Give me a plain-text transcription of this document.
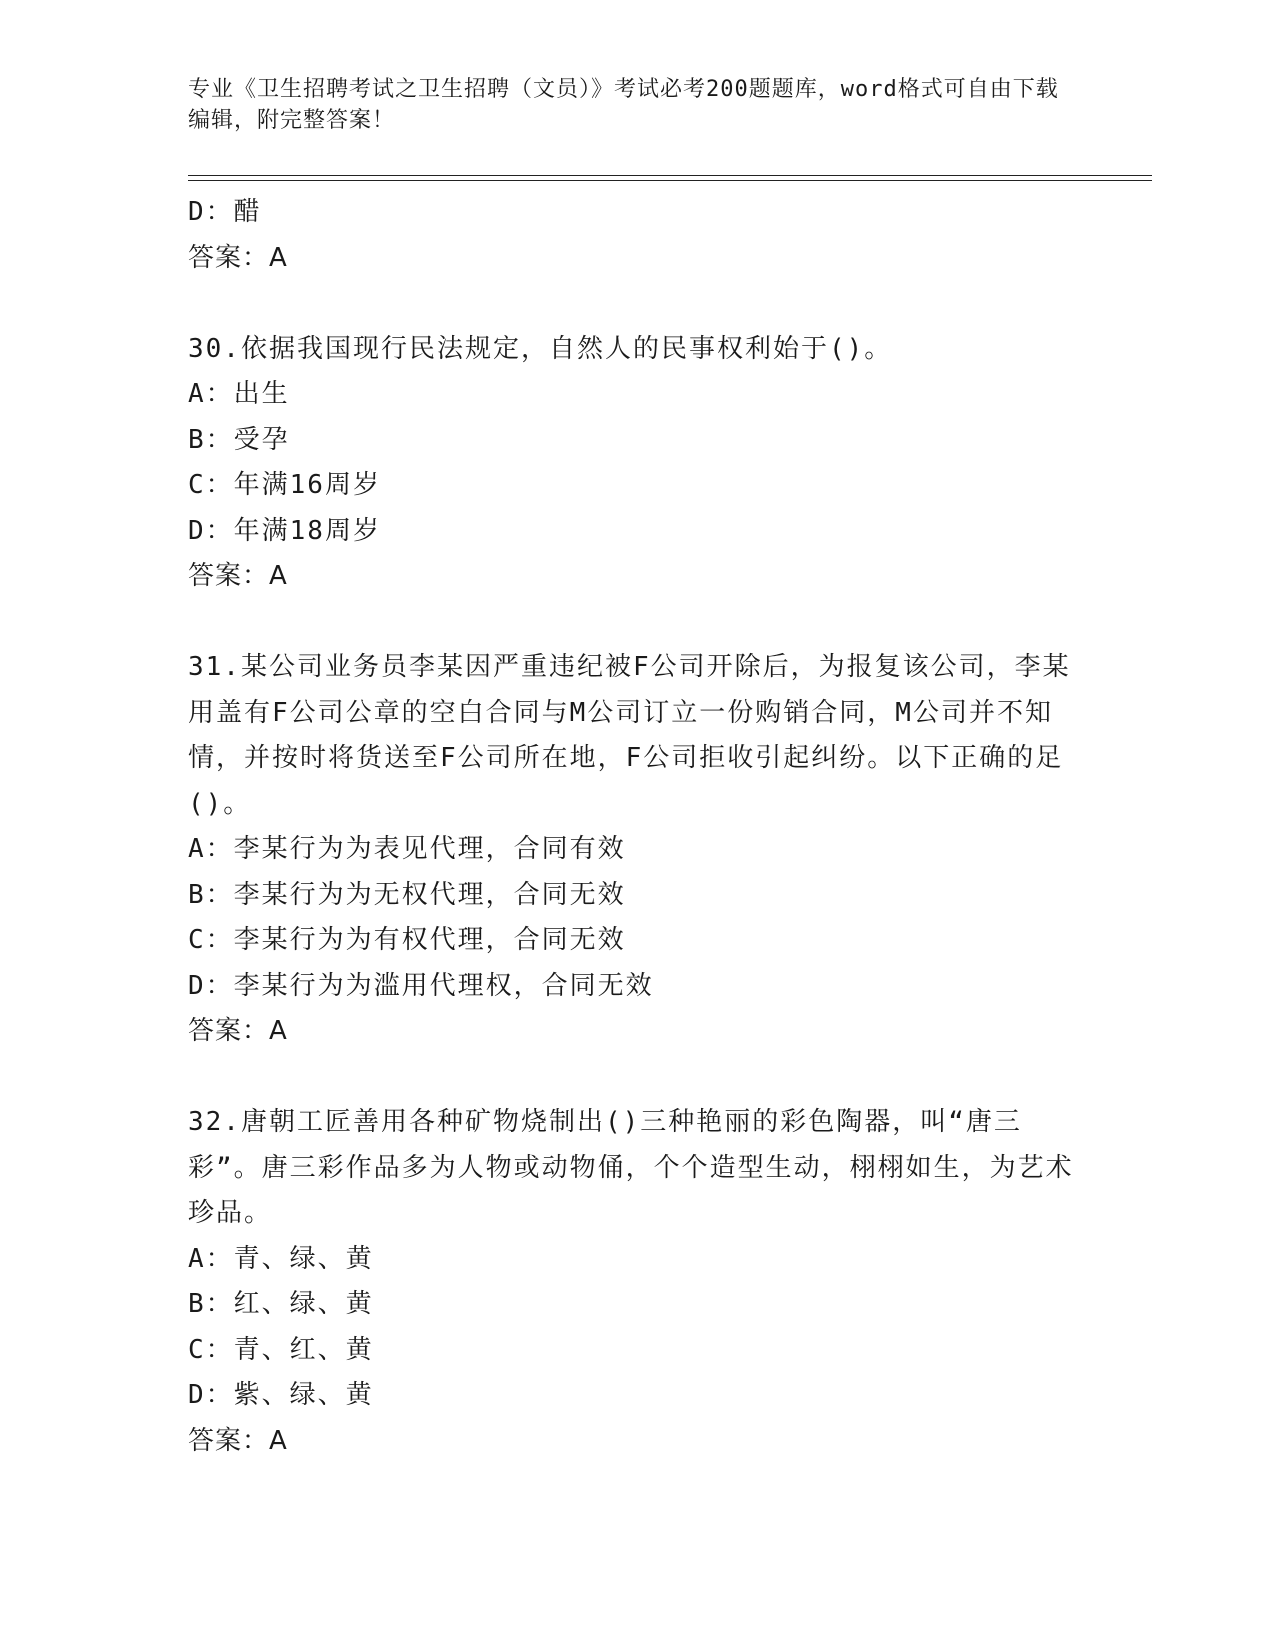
专业《卫生招聘考试之卫生招聘（文员）》考试必考200题题库，word格式可自由下载编辑，附完整答案！
D：醋
答案：A
30.依据我国现行民法规定，自然人的民事权利始于()。
A：出生
B：受孕
C：年满16周岁
D：年满18周岁
答案：A
31.某公司业务员李某因严重违纪被F公司开除后，为报复该公司，李某用盖有F公司公章的空白合同与M公司订立一份购销合同，M公司并不知情，并按时将货送至F公司所在地，F公司拒收引起纠纷。以下正确的足()。
A：李某行为为表见代理，合同有效
B：李某行为为无权代理，合同无效
C：李某行为为有权代理，合同无效
D：李某行为为滥用代理权，合同无效
答案：A
32.唐朝工匠善用各种矿物烧制出()三种艳丽的彩色陶器，叫“唐三彩”。唐三彩作品多为人物或动物俑，个个造型生动，栩栩如生，为艺术珍品。
A：青、绿、黄
B：红、绿、黄
C：青、红、黄
D：紫、绿、黄
答案：A
